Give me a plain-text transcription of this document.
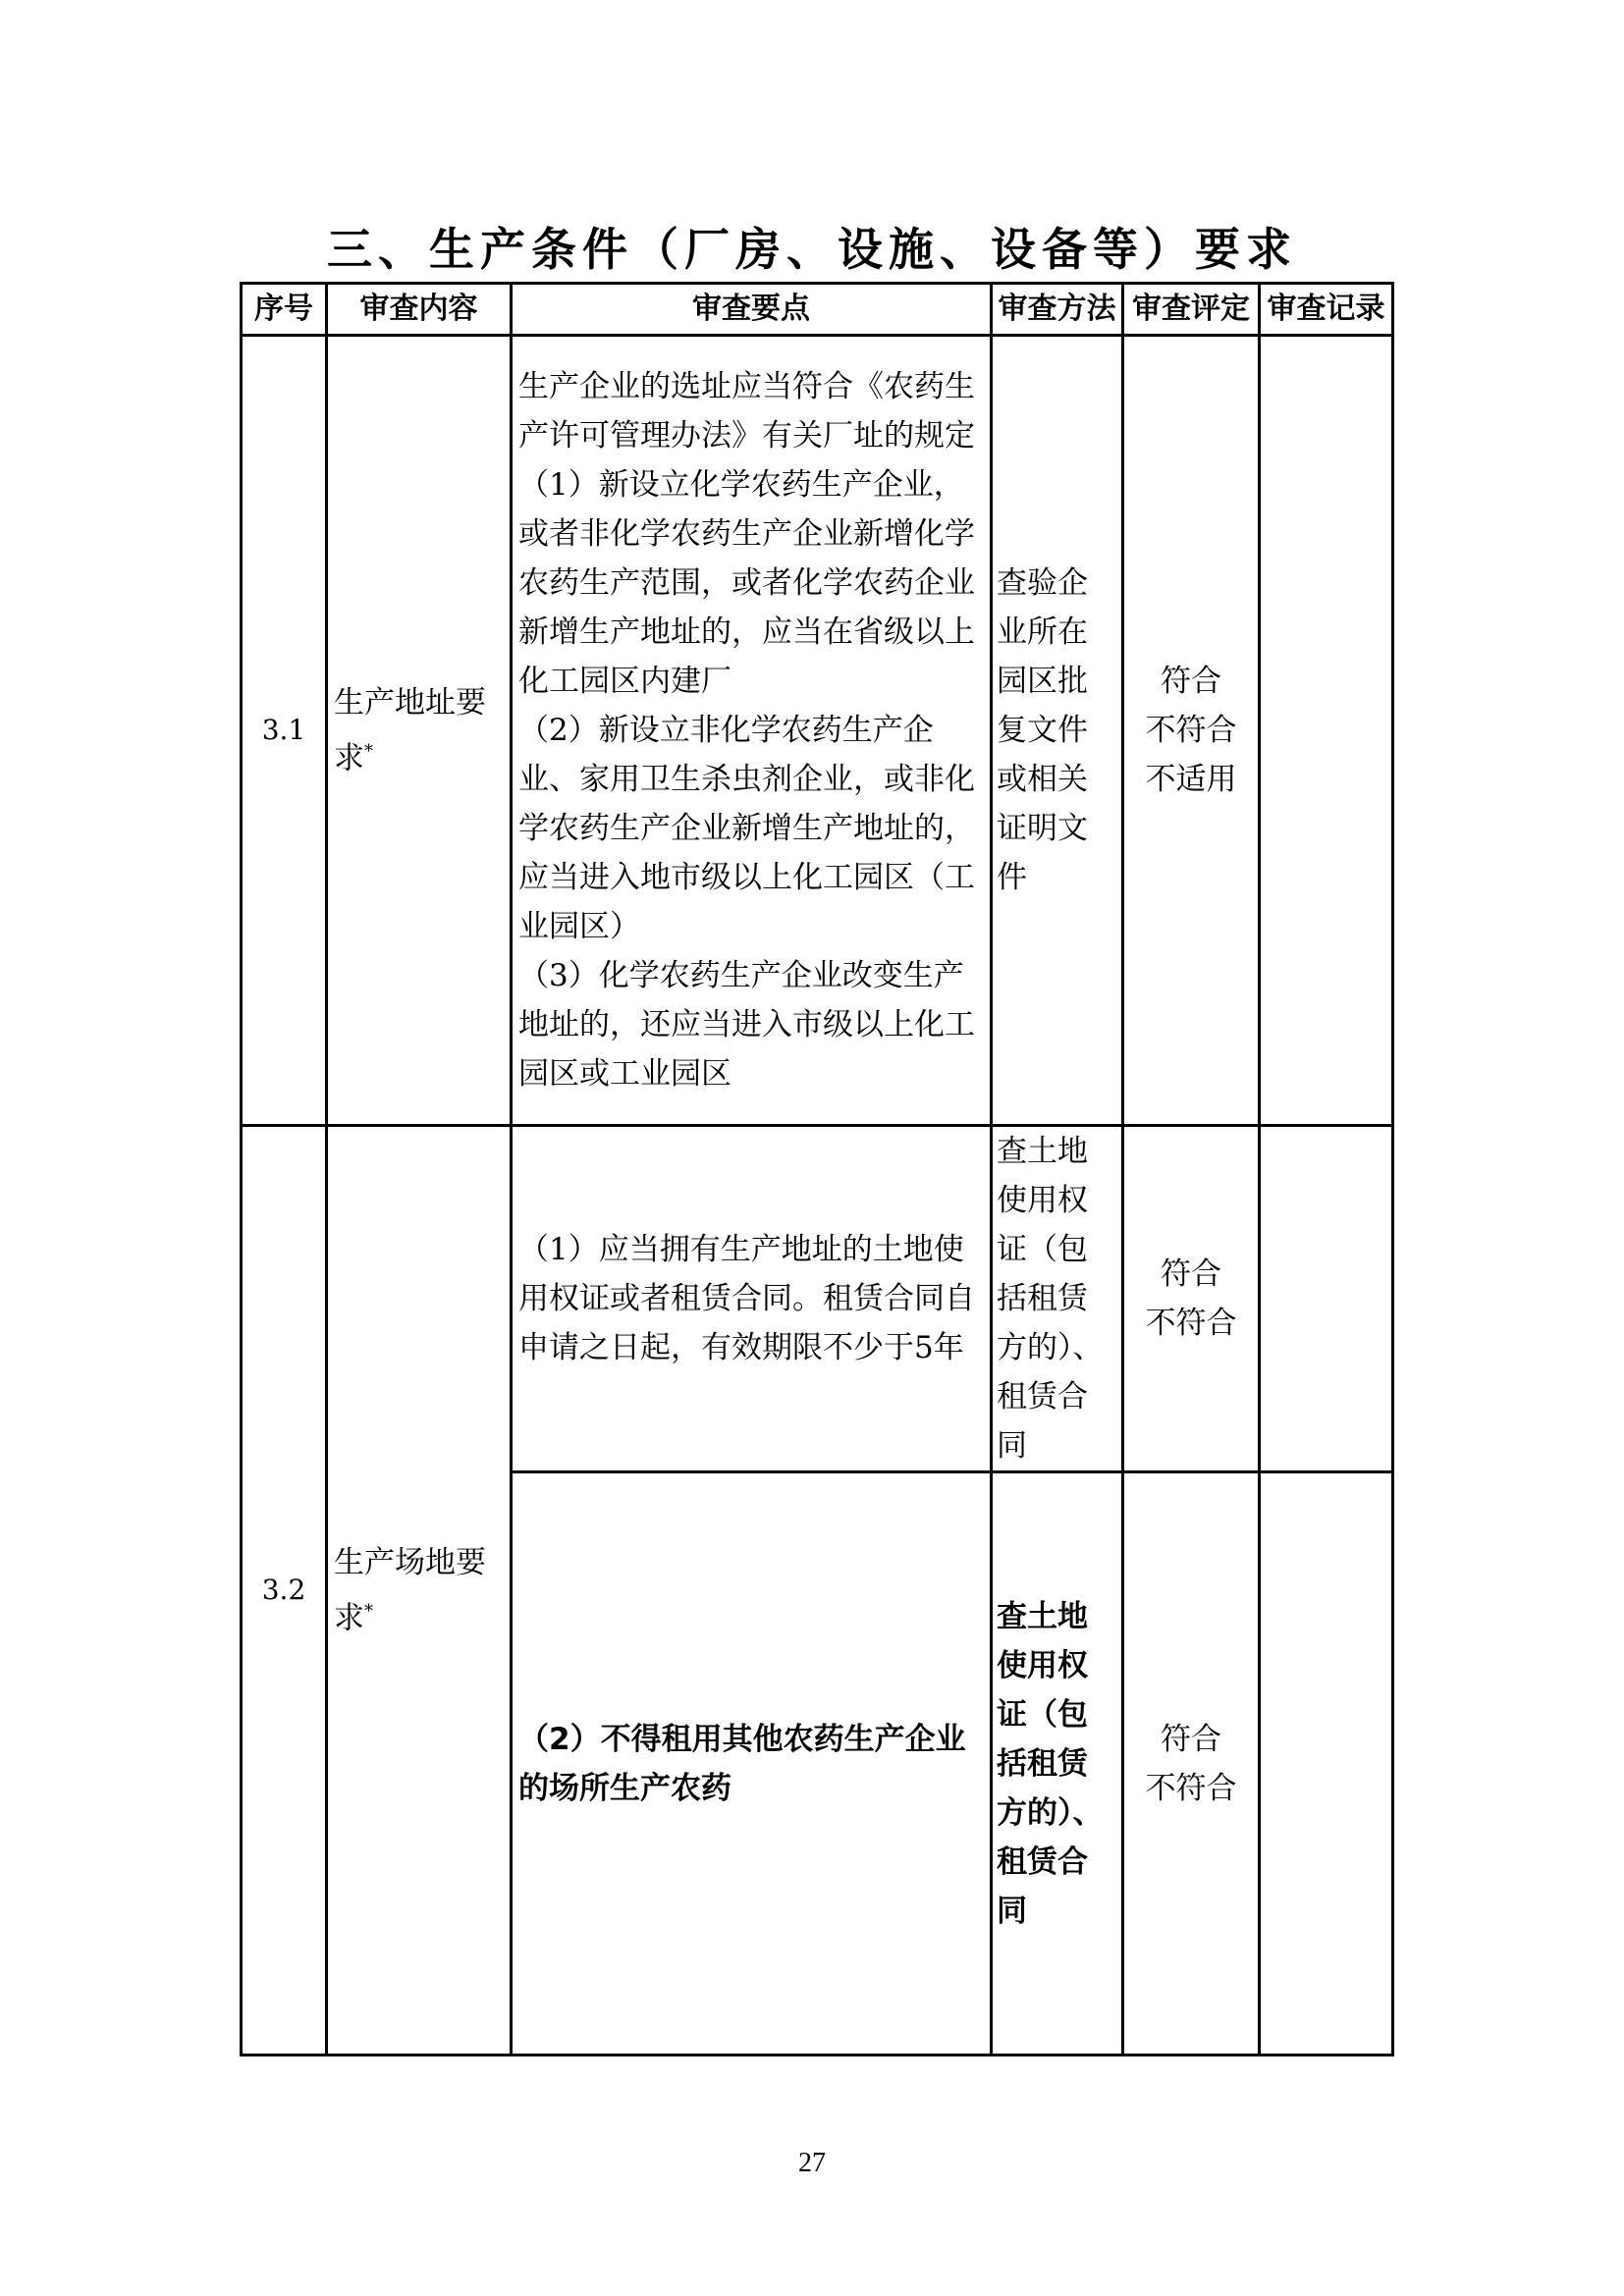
三、生产条件（厂房、设施、设备等）要求
序号	审查内容	审查要点	审查方法	审查评定	审查记录
3.1	生产地址要求*	生产企业的选址应当符合《农药生产许可管理办法》有关厂址的规定
（1）新设立化学农药生产企业，或者非化学农药生产企业新增化学农药生产范围，或者化学农药企业新增生产地址的，应当在省级以上化工园区内建厂
（2）新设立非化学农药生产企业、家用卫生杀虫剂企业，或非化学农药生产企业新增生产地址的，应当进入地市级以上化工园区（工业园区）
（3）化学农药生产企业改变生产地址的，还应当进入市级以上化工园区或工业园区	查验企业所在园区批复文件或相关证明文件	符合
不符合
不适用	

3.2	生产场地要求*	（1）应当拥有生产地址的土地使用权证或者租赁合同。租赁合同自申请之日起，有效期限不少于5年	查土地使用权证（包括租赁方的）、租赁合同	符合
不符合	

		（2）不得租用其他农药生产企业的场所生产农药	查土地使用权证（包括租赁方的）、租赁合同	符合
不符合	

27
